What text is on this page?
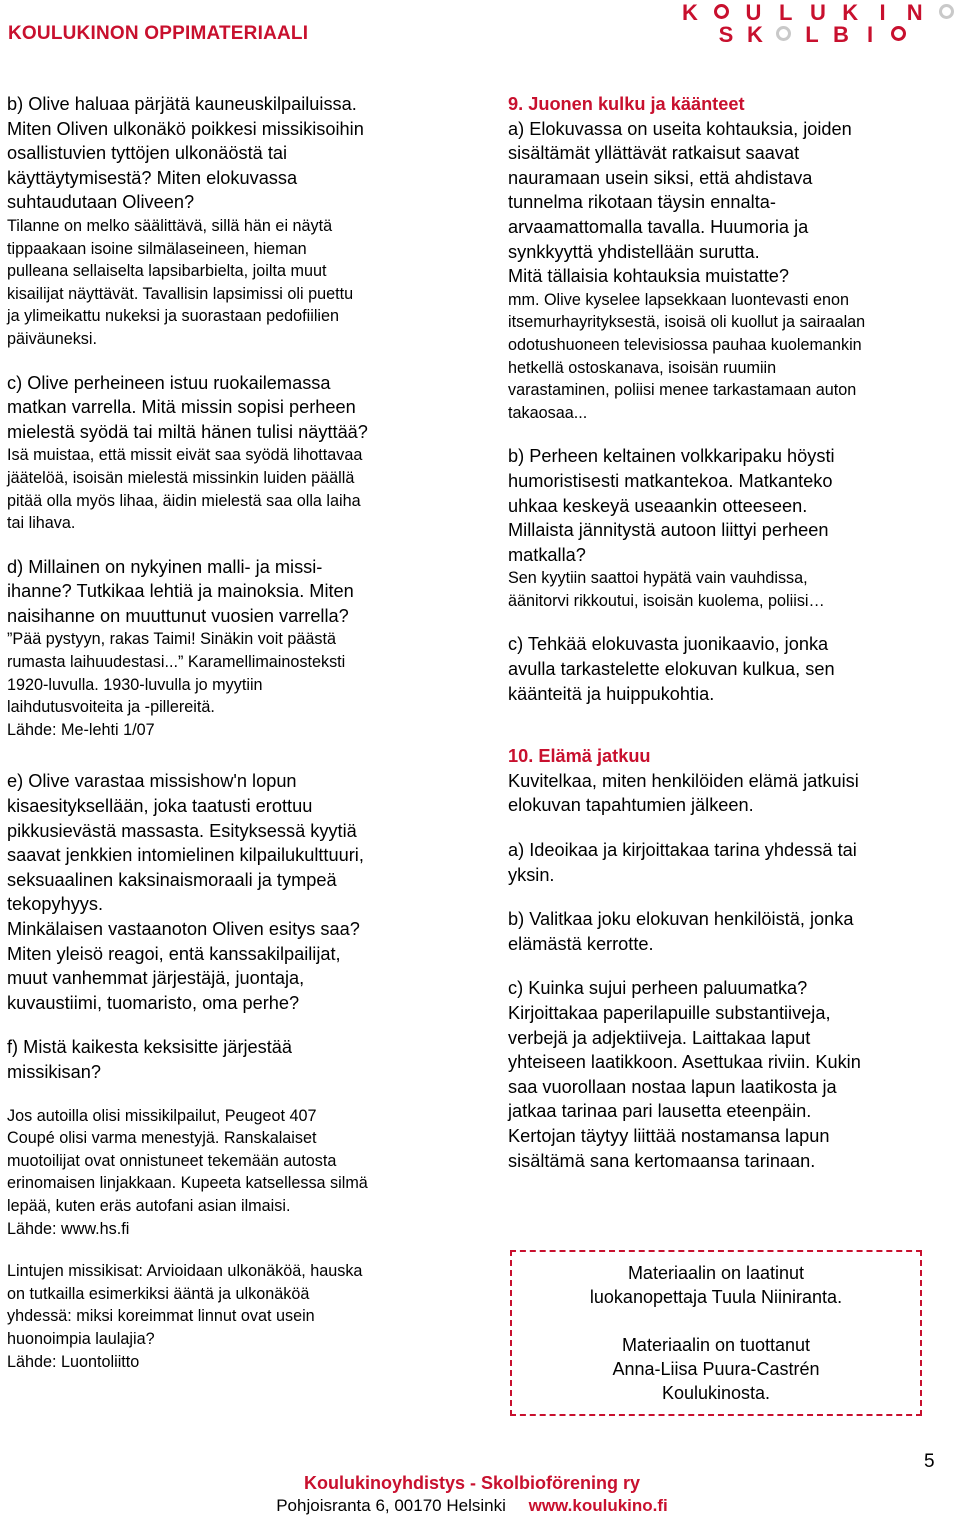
KOULUKINON OPPIMATERIAALI
K U L U K I N
S K L B I

b) Olive haluaa pärjätä kauneuskilpailuissa.
Miten Oliven ulkonäkö poikkesi missikisoihin
osallistuvien tyttöjen ulkonäöstä tai
käyttäytymisestä? Miten elokuvassa
suhtaudutaan Oliveen?

Tilanne on melko säälittävä, sillä hän ei näytä
tippaakaan isoine silmälaseineen, hieman
pulleana sellaiselta lapsibarbielta, joilta muut
kisailijat näyttävät. Tavallisin lapsimissi oli puettu
ja ylimeikattu nukeksi ja suorastaan pedofiilien
päiväuneksi.

c) Olive perheineen istuu ruokailemassa
matkan varrella. Mitä missin sopisi perheen
mielestä syödä tai miltä hänen tulisi näyttää?

Isä muistaa, että missit eivät saa syödä lihottavaa
jäätelöä, isoisän mielestä missinkin luiden päällä
pitää olla myös lihaa, äidin mielestä saa olla laiha
tai lihava.

d) Millainen on nykyinen malli- ja missi-
ihanne? Tutkikaa lehtiä ja mainoksia. Miten
naisihanne on muuttunut vuosien varrella?

”Pää pystyyn, rakas Taimi! Sinäkin voit päästä
rumasta laihuudestasi...” Karamellimainosteksti
1920-luvulla. 1930-luvulla jo myytiin
laihdutusvoiteita ja -pillereitä.
Lähde: Me-lehti 1/07

e) Olive varastaa missishow'n lopun
kisaesityksellään, joka taatusti erottuu
pikkusievästä massasta. Esityksessä kyytiä
saavat jenkkien intomielinen kilpailukulttuuri,
seksuaalinen kaksinaismoraali ja tympeä
tekopyhyys.
Minkälaisen vastaanoton Oliven esitys saa?
Miten yleisö reagoi, entä kanssakilpailijat,
muut vanhemmat järjestäjä, juontaja,
kuvaustiimi, tuomaristo, oma perhe?

f) Mistä kaikesta keksisitte järjestää
missikisan?

Jos autoilla olisi missikilpailut, Peugeot 407
Coupé olisi varma menestyjä. Ranskalaiset
muotoilijat ovat onnistuneet tekemään autosta
erinomaisen linjakkaan. Kupeeta katsellessa silmä
lepää, kuten eräs autofani asian ilmaisi.
Lähde: www.hs.fi

Lintujen missikisat: Arvioidaan ulkonäköä, hauska
on tutkailla esimerkiksi ääntä ja ulkonäköä
yhdessä: miksi koreimmat linnut ovat usein
huonoimpia laulajia?
Lähde: Luontoliitto

9. Juonen kulku ja käänteet

a) Elokuvassa on useita kohtauksia, joiden
sisältämät yllättävät ratkaisut saavat
nauramaan usein siksi, että ahdistava
tunnelma rikotaan täysin ennalta-
arvaamattomalla tavalla. Huumoria ja
synkkyyttä yhdistellään surutta.
Mitä tällaisia kohtauksia muistatte?

mm. Olive kyselee lapsekkaan luontevasti enon
itsemurhayrityksestä, isoisä oli kuollut ja sairaalan
odotushuoneen televisiossa pauhaa kuolemankin
hetkellä ostoskanava, isoisän ruumiin
varastaminen, poliisi menee tarkastamaan auton
takaosaa...

b) Perheen keltainen volkkaripaku höysti
humoristisesti matkantekoa. Matkanteko
uhkaa keskeyä useaankin otteeseen.
Millaista jännitystä autoon liittyi perheen
matkalla?

Sen kyytiin saattoi hypätä vain vauhdissa,
äänitorvi rikkoutui, isoisän kuolema, poliisi…

c) Tehkää elokuvasta juonikaavio, jonka
avulla tarkastelette elokuvan kulkua, sen
käänteitä ja huippukohtia.

10. Elämä jatkuu

Kuvitelkaa, miten henkilöiden elämä jatkuisi
elokuvan tapahtumien jälkeen.

a) Ideoikaa ja kirjoittakaa tarina yhdessä tai
yksin.

b) Valitkaa joku elokuvan henkilöistä, jonka
elämästä kerrotte.

c) Kuinka sujui perheen paluumatka?
Kirjoittakaa paperilapuille substantiiveja,
verbejä ja adjektiiveja. Laittakaa laput
yhteiseen laatikkoon. Asettukaa riviin. Kukin
saa vuorollaan nostaa lapun laatikosta ja
jatkaa tarinaa pari lausetta eteenpäin.
Kertojan täytyy liittää nostamansa lapun
sisältämä sana kertomaansa tarinaan.

Materiaalin on laatinut
luokanopettaja Tuula Niiniranta.

Materiaalin on tuottanut
Anna-Liisa Puura-Castrén
Koulukinosta.

5
Koulukinoyhdistys - Skolbioförening ry
Pohjoisranta 6, 00170 Helsinki www.koulukino.fi
